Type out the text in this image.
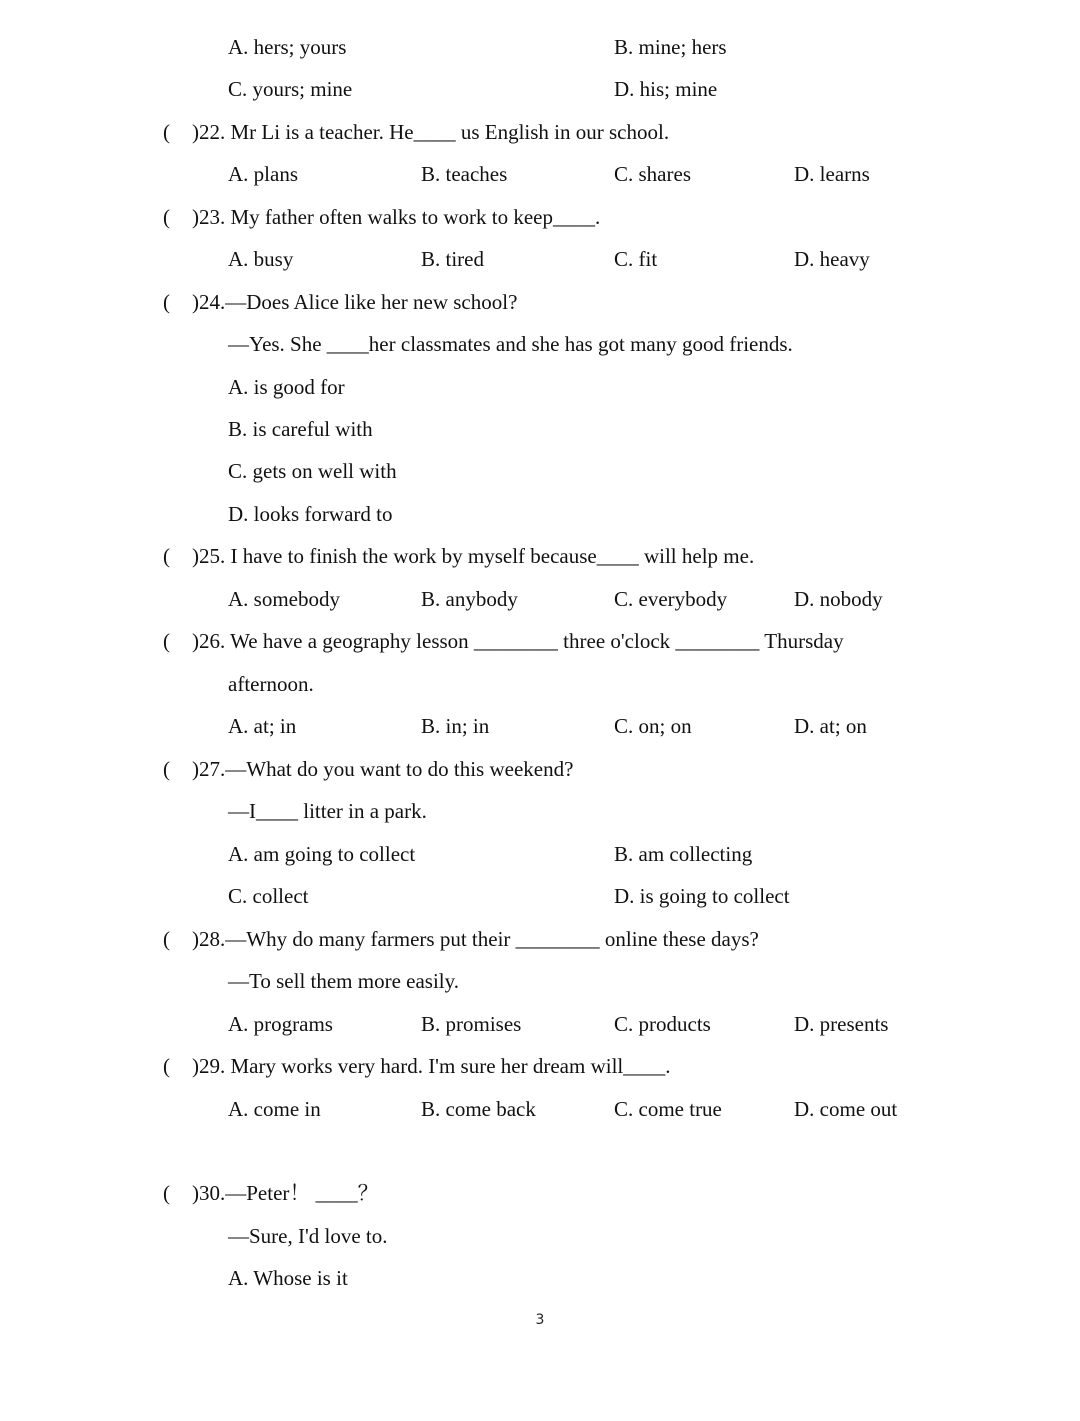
A. hers; yours	B. mine; hers
C. yours; mine	D. his; mine
( )22. Mr Li is a teacher. He____ us English in our school.
A. plans	B. teaches	C. shares	D. learns
( )23. My father often walks to work to keep____.
A. busy	B. tired	C. fit	D. heavy
( )24.—Does Alice like her new school?
—Yes. She ____her classmates and she has got many good friends.
A. is good for
B. is careful with
C. gets on well with
D. looks forward to
( )25. I have to finish the work by myself because____ will help me.
A. somebody	B. anybody	C. everybody	D. nobody
( )26. We have a geography lesson ________ three o'clock ________ Thursday
afternoon.
A. at; in	B. in; in	C. on; on	D. at; on
( )27.—What do you want to do this weekend?
—I____ litter in a park.
A. am going to collect	B. am collecting
C. collect	D. is going to collect
( )28.—Why do many farmers put their ________ online these days?
—To sell them more easily.
A. programs	B. promises	C. products	D. presents
( )29. Mary works very hard. I'm sure her dream will____.
A. come in	B. come back	C. come true	D. come out
( )30.—Peter！ ____？
—Sure, I'd love to.
A. Whose is it
3
